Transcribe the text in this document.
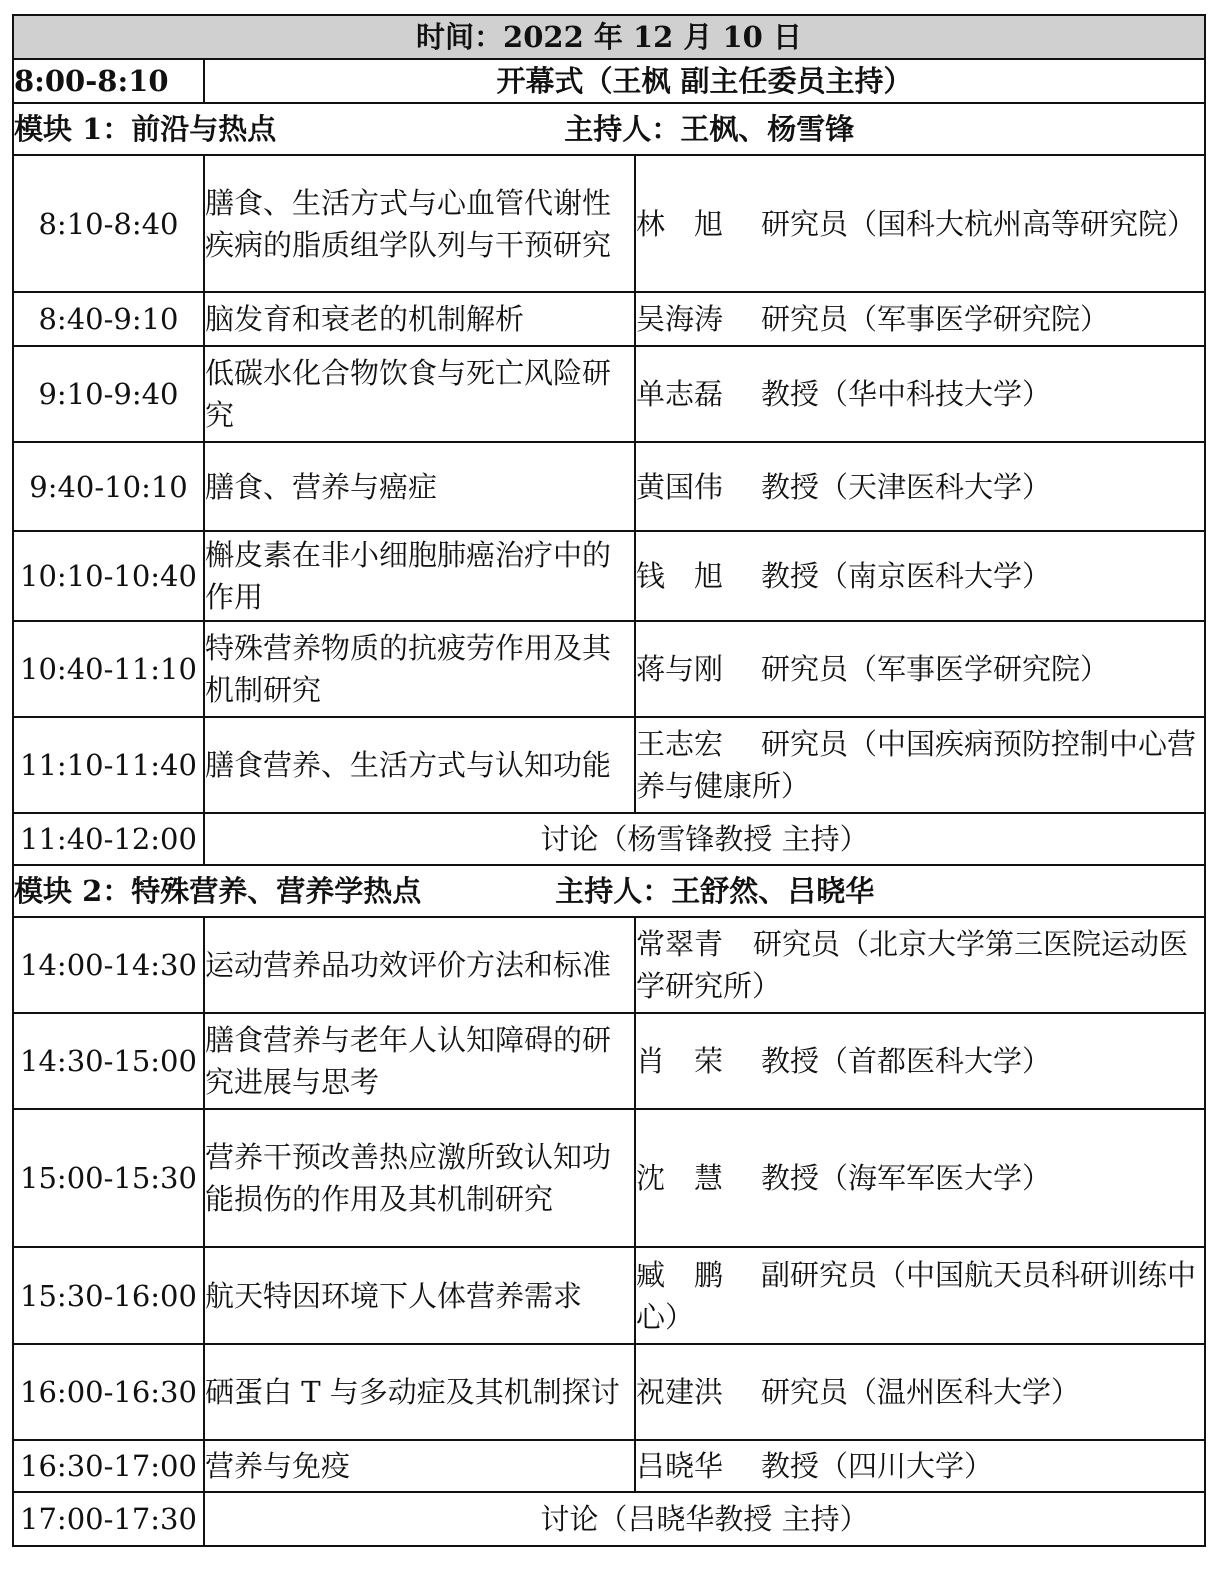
时间：2022 年 12 月 10 日		
8:00-8:10	开幕式（王枫 副主任委员主持）	
模块 1：前沿与热点 主持人：王枫、杨雪锋		
8:10-8:40	膳食、生活方式与心血管代谢性疾病的脂质组学队列与干预研究	林　旭 研究员（国科大杭州高等研究院）
8:40-9:10	脑发育和衰老的机制解析	吴海涛 研究员（军事医学研究院）
9:10-9:40	低碳水化合物饮食与死亡风险研究	单志磊 教授（华中科技大学）
9:40-10:10	膳食、营养与癌症	黄国伟 教授（天津医科大学）
10:10-10:40	槲皮素在非小细胞肺癌治疗中的作用	钱　旭 教授（南京医科大学）
10:40-11:10	特殊营养物质的抗疲劳作用及其机制研究	蒋与刚 研究员（军事医学研究院）
11:10-11:40	膳食营养、生活方式与认知功能	王志宏 研究员（中国疾病预防控制中心营养与健康所）
11:40-12:00	讨论（杨雪锋教授 主持）	
模块 2：特殊营养、营养学热点 主持人：王舒然、吕晓华		
14:00-14:30	运动营养品功效评价方法和标准	常翠青 研究员（北京大学第三医院运动医学研究所）
14:30-15:00	膳食营养与老年人认知障碍的研究进展与思考	肖　荣 教授（首都医科大学）
15:00-15:30	营养干预改善热应激所致认知功能损伤的作用及其机制研究	沈　慧 教授（海军军医大学）
15:30-16:00	航天特因环境下人体营养需求	臧　鹏 副研究员（中国航天员科研训练中心）
16:00-16:30	硒蛋白 T 与多动症及其机制探讨	祝建洪 研究员（温州医科大学）
16:30-17:00	营养与免疫	吕晓华 教授（四川大学）
17:00-17:30	讨论（吕晓华教授 主持）	
